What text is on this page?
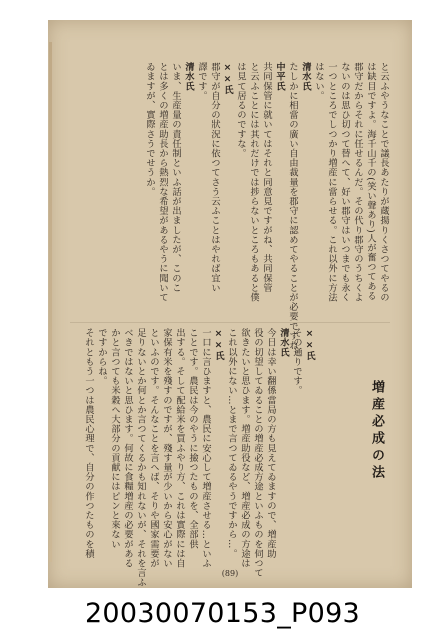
と云ふやうなことで議長あたりが蔵揚りくさつてやるの
は缺目ですよ。海千山千の(笑い聲あり)人が奮つてある
郡守だからそれに任せるんだ。その代り郡守のうちくよ
ないのは思ひ切つて替へて、好い郡守はいつまでも永く
一つところでしつかり増産に當らせる。これ以外に方法
はない。
清水氏
たしかに相當の廣い自由裁量を郡守に認めてやることが必要ですね。
中平氏
共同保管に就いてはそれと同意見ですがね、共同保管
と云ふことには其れだけでは捗らないところもあると僕
は見て居るのですな。
××氏
郡守が自分の狀況に依つてさう云ふことはやれば宜い
譯です。
清水氏
いま、生産量の責任制といふ話が出ましたが、このこ
とは多くの増産助長から熱烈な希望があるやうに聞いて
ゐますが、實際さうでせうか。
増産必成の法
××氏
その通りです。
清水氏
今日は幸い翻係當局の方も見えてゐますので、増産助
役の切望してゐることの増産必成方途といふものを伺つて
欲きたいと思ひます。増産助役など、増産必成の方途は
これ以外にない…とまで言つてゐるやうですから…。
××氏
一口に言ひますと、農民に安心して増産させる…といふ
ことです。農民は今のやうに撿つたものを、全部供
出する。そして配給米を買ふやり方、これは實際には自
家保有米を殘すのですが、殘す量が少いから安心がない
といふのです。そんなことを言へば、そりや國家需要が
足りないとか何とか言つてくるかも知れないが、それを言ふ
べきではないと思ひます。何故に食糧増産の必要がある
かと言つても米穀へ大部分の貢献にはピンと來ない
ですからね。
それともう一つは農民心理で、自分の作つたものを積
(89)
20030070153_P093
